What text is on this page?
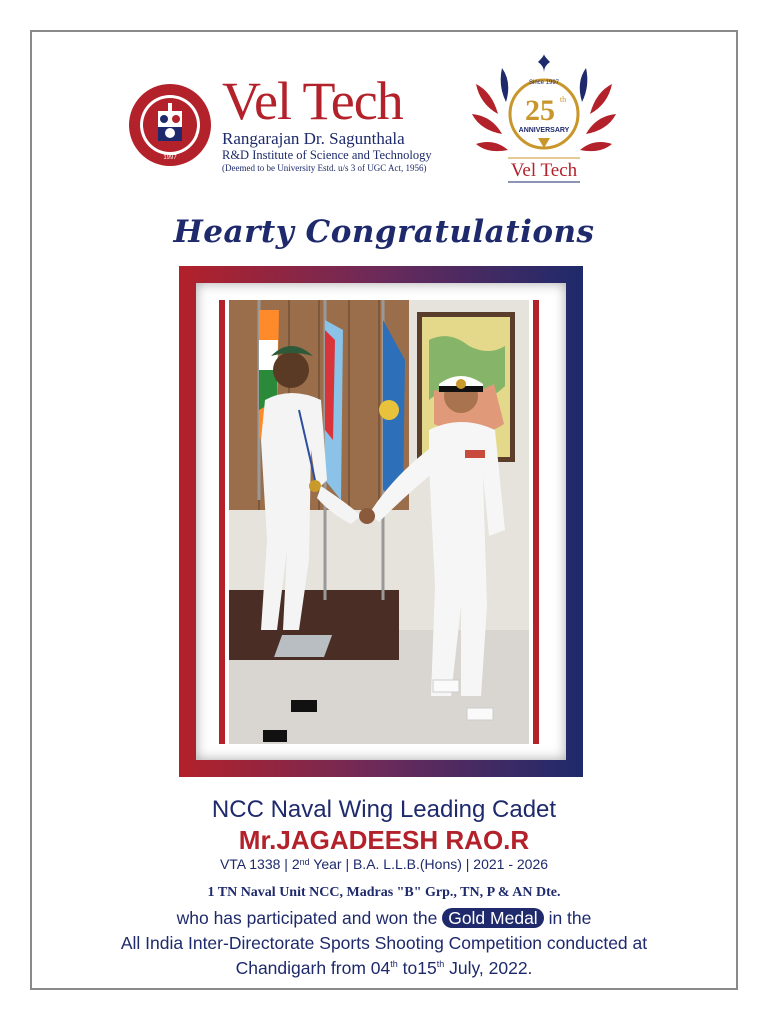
1997
Vel Tech
Rangarajan Dr. Sagunthala
R&D Institute of Science and Technology
(Deemed to be University Estd. u/s 3 of UGC Act, 1956)
Since 1997
25 th
ANNIVERSARY
Vel Tech
Hearty Congratulations
NCC Naval Wing Leading Cadet
Mr.JAGADEESH RAO.R
VTA 1338 | 2nd Year | B.A. L.L.B.(Hons) | 2021 - 2026
1 TN Naval Unit NCC, Madras "B" Grp., TN, P & AN Dte.
who has participated and won the Gold Medal in the
All India Inter-Directorate Sports Shooting Competition conducted at
Chandigarh from 04th to15th July, 2022.
